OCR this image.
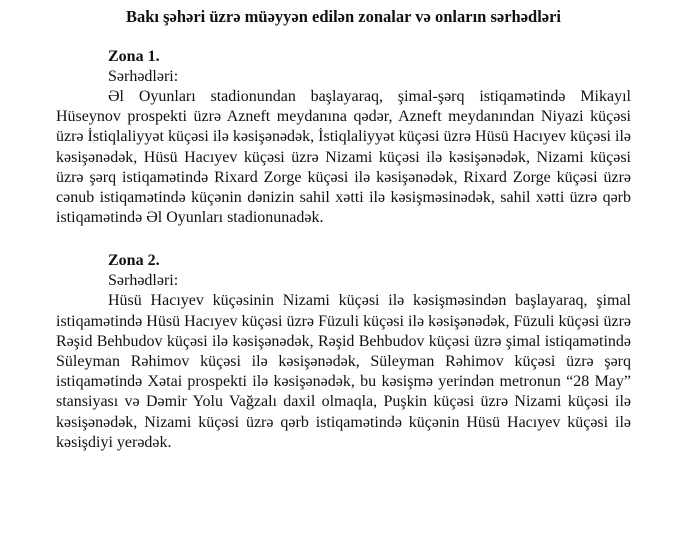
Bakı şəhəri üzrə müəyyən edilən zonalar və onların sərhədləri
Zona 1.
Sərhədləri:

Əl Oyunları stadionundan başlayaraq, şimal-şərq istiqamətində Mikayıl Hüseynov prospekti üzrə Azneft meydanına qədər, Azneft meydanından Niyazi küçəsi üzrə İstiqlaliyyət küçəsi ilə kəsişənədək, İstiqlaliyyət küçəsi üzrə Hüsü Hacıyev küçəsi ilə kəsişənədək, Hüsü Hacıyev küçəsi üzrə Nizami küçəsi ilə kəsişənədək, Nizami küçəsi üzrə şərq istiqamətində Rixard Zorge küçəsi ilə kəsişənədək, Rixard Zorge küçəsi üzrə cənub istiqamətində küçənin dənizin sahil xətti ilə kəsişməsinədək, sahil xətti üzrə qərb istiqamətində Əl Oyunları stadionunadək.

Zona 2.
Sərhədləri:

Hüsü Hacıyev küçəsinin Nizami küçəsi ilə kəsişməsindən başlayaraq, şimal istiqamətində Hüsü Hacıyev küçəsi üzrə Füzuli küçəsi ilə kəsişənədək, Füzuli küçəsi üzrə Rəşid Behbudov küçəsi ilə kəsişənədək, Rəşid Behbudov küçəsi üzrə şimal istiqamətində Süleyman Rəhimov küçəsi ilə kəsişənədək, Süleyman Rəhimov küçəsi üzrə şərq istiqamətində Xətai prospekti ilə kəsişənədək, bu kəsişmə yerindən metronun “28 May” stansiyası və Dəmir Yolu Vağzalı daxil olmaqla, Puşkin küçəsi üzrə Nizami küçəsi ilə kəsişənədək, Nizami küçəsi üzrə qərb istiqamətində küçənin Hüsü Hacıyev küçəsi ilə kəsişdiyi yerədək.
